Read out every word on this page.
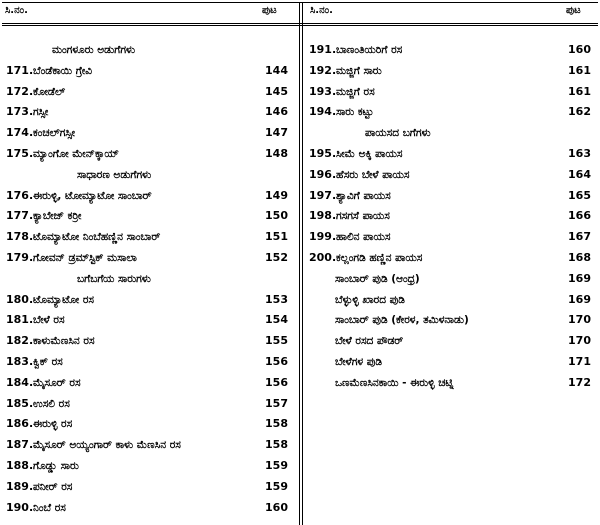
ಸಿ.ನಂ.	ಪುಟ	ಸಿ.ನಂ.	ಪುಟ
ಮಂಗಳೂರು ಅಡುಗೆಗಳು
171. ಬೆಂಡೆಕಾಯಿ ಗ್ರೇವಿ	144
172. ಕೋಡೆಲ್	145
173. ಗಸ್ಸೀ	146
174. ಕಂಚಲ್‌ಗಸ್ಸೀ	147
175. ಮ್ಯಾಂಗೋ ಮೇನ್‌ಕ್ಕಾಯ್	148
ಸಾಧಾರಣ ಅಡುಗೆಗಳು
176. ಈರುಳ್ಳಿ, ಟೋಮ್ಯಾಟೋ ಸಾಂಬಾರ್	149
177. ಕ್ಯಾಬೇಜ್ ಕರ್‍ರೀ	150
178. ಟೊಮ್ಯಾಟೋ ನಿಂಬೆಹಣ್ಣಿನ ಸಾಂಬಾರ್	151
179. ಗೋವನ್ ಡ್ರಮ್‌ಸ್ಟಿಕ್ ಮಸಾಲಾ	152
ಬಗೆಬಗೆಯ ಸಾರುಗಳು
180. ಟೊಮ್ಯಾಟೋ ರಸ	153
181. ಬೇಳೆ ರಸ	154
182. ಕಾಳುಮೆಣಸಿನ ರಸ	155
183. ಕ್ವಿಕ್ ರಸ	156
184. ಮೈಸೂರ್ ರಸ	156
185. ಉಸಲಿ ರಸ	157
186. ಈರುಳ್ಳಿ ರಸ	158
187. ಮೈಸೂರ್ ಅಯ್ಯಂಗಾರ್ ಕಾಳು ಮೆಣಸಿನ ರಸ	158
188. ಗೊಡ್ಡು ಸಾರು	159
189. ಪನೀರ್ ರಸ	159
190. ನಿಂಬೆ ರಸ	160
191. ಬಾಣಂತಿಯರಿಗೆ ರಸ	160
192. ಮಜ್ಜಿಗೆ ಸಾರು	161
193. ಮಜ್ಜಿಗೆ ರಸ	161
194. ಸಾರು ಕಟ್ಟು	162
ಪಾಯಸದ ಬಗೆಗಳು
195. ಸೀಮೆ ಅಕ್ಕಿ ಪಾಯಸ	163
196. ಹೆಸರು ಬೇಳೆ ಪಾಯಸ	164
197. ಶ್ಯಾವಿಗೆ ಪಾಯಸ	165
198. ಗಸಗಸೆ ಪಾಯಸ	166
199. ಹಾಲಿನ ಪಾಯಸ	167
200. ಕಲ್ಲಂಗಡಿ ಹಣ್ಣಿನ ಪಾಯಸ	168
ಸಾಂಬಾರ್ ಪುಡಿ (ಆಂಧ್ರ)	169
ಬೆಳ್ಳುಳ್ಳಿ ಖಾರದ ಪುಡಿ	169
ಸಾಂಬಾರ್ ಪುಡಿ (ಕೇರಳ, ತಮಿಳನಾಡು)	170
ಬೇಳೆ ರಸದ ಪೌಡರ್	170
ಬೇಳೆಗಳ ಪುಡಿ	171
ಒಣಮೆಣಸಿನಕಾಯಿ - ಈರುಳ್ಳಿ ಚಟ್ನಿ	172
